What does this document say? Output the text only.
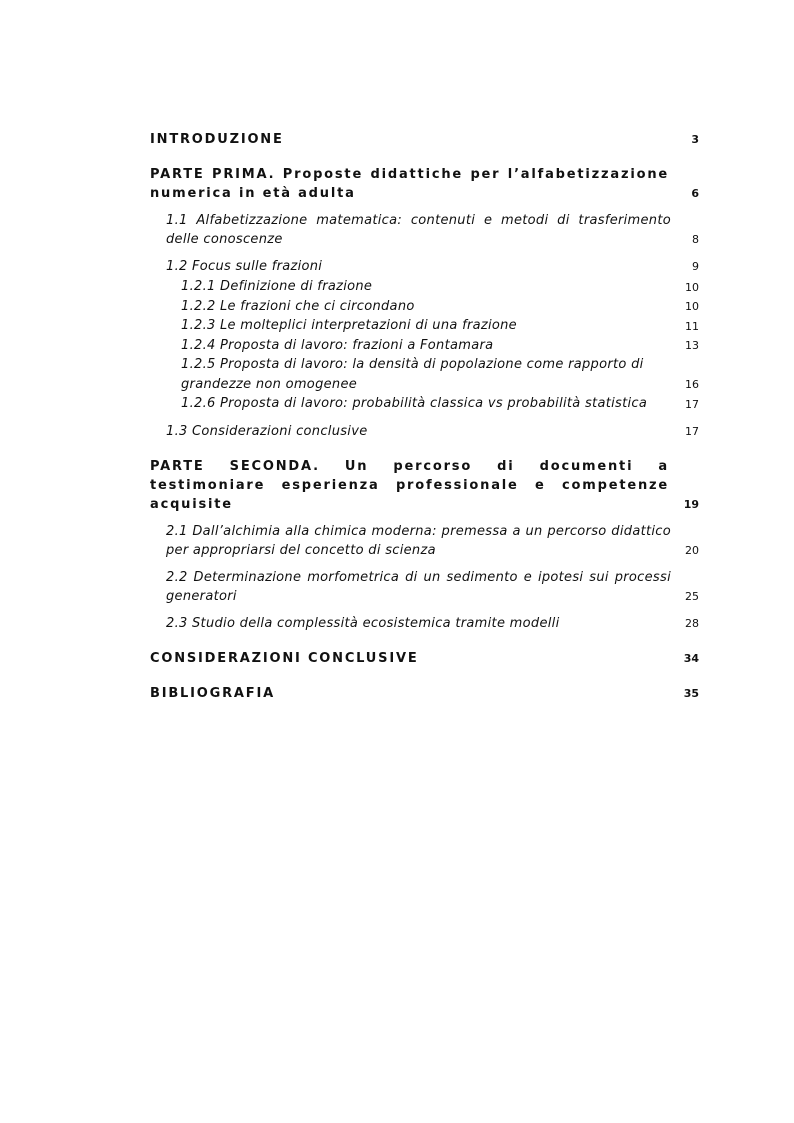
INTRODUZIONE	3
PARTE PRIMA. Proposte didattiche per l’alfabetizzazione numerica in età adulta	6
1.1 Alfabetizzazione matematica: contenuti e metodi di trasferimento delle conoscenze	8
1.2 Focus sulle frazioni	9
1.2.1 Definizione di frazione	10
1.2.2 Le frazioni che ci circondano	10
1.2.3 Le molteplici interpretazioni di una frazione	11
1.2.4 Proposta di lavoro: frazioni a Fontamara	13
1.2.5 Proposta di lavoro: la densità di popolazione come rapporto di grandezze non omogenee	16
1.2.6 Proposta di lavoro: probabilità classica vs probabilità statistica	17
1.3 Considerazioni conclusive	17
PARTE SECONDA. Un percorso di documenti a testimoniare esperienza professionale e competenze acquisite	19
2.1 Dall’alchimia alla chimica moderna: premessa a un percorso didattico per appropriarsi del concetto di scienza	20
2.2 Determinazione morfometrica di un sedimento e ipotesi sui processi generatori	25
2.3 Studio della complessità ecosistemica tramite modelli	28
CONSIDERAZIONI CONCLUSIVE	34
BIBLIOGRAFIA	35
